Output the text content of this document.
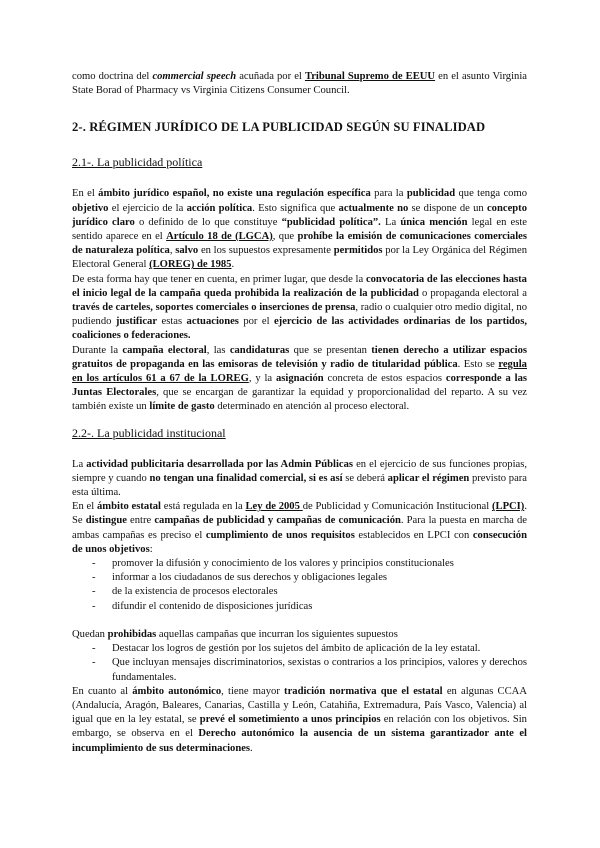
como doctrina del commercial speech acuñada por el Tribunal Supremo de EEUU en el asunto Virginia State Borad of Pharmacy vs Virginia Citizens Consumer Council.

2-. RÉGIMEN JURÍDICO DE LA PUBLICIDAD SEGÚN SU FINALIDAD
2.1-. La publicidad política

En el ámbito jurídico español, no existe una regulación específica para la publicidad que tenga como objetivo el ejercicio de la acción política. Esto significa que actualmente no se dispone de un concepto jurídico claro o definido de lo que constituye “publicidad política”. La única mención legal en este sentido aparece en el Artículo 18 de (LGCA), que prohíbe la emisión de comunicaciones comerciales de naturaleza política, salvo en los supuestos expresamente permitidos por la Ley Orgánica del Régimen Electoral General (LOREG) de 1985.

De esta forma hay que tener en cuenta, en primer lugar, que desde la convocatoria de las elecciones hasta el inicio legal de la campaña queda prohibida la realización de la publicidad o propaganda electoral a través de carteles, soportes comerciales o inserciones de prensa, radio o cualquier otro medio digital, no pudiendo justificar estas actuaciones por el ejercicio de las actividades ordinarias de los partidos, coaliciones o federaciones.

Durante la campaña electoral, las candidaturas que se presentan tienen derecho a utilizar espacios gratuitos de propaganda en las emisoras de televisión y radio de titularidad pública. Esto se regula en los artículos 61 a 67 de la LOREG, y la asignación concreta de estos espacios corresponde a las Juntas Electorales, que se encargan de garantizar la equidad y proporcionalidad del reparto. A su vez también existe un límite de gasto determinado en atención al proceso electoral.

2.2-. La publicidad institucional

La actividad publicitaria desarrollada por las Admin Públicas en el ejercicio de sus funciones propias, siempre y cuando no tengan una finalidad comercial, si es así se deberá aplicar el régimen previsto para esta última.

En el ámbito estatal está regulada en la Ley de 2005 de Publicidad y Comunicación Institucional (LPCI). Se distingue entre campañas de publicidad y campañas de comunicación. Para la puesta en marcha de ambas campañas es preciso el cumplimiento de unos requisitos establecidos en LPCI con consecución de unos objetivos:

- promover la difusión y conocimiento de los valores y principios constitucionales
- informar a los ciudadanos de sus derechos y obligaciones legales
- de la existencia de procesos electorales
- difundir el contenido de disposiciones jurídicas

Quedan prohibidas aquellas campañas que incurran los siguientes supuestos

- Destacar los logros de gestión por los sujetos del ámbito de aplicación de la ley estatal.
- Que incluyan mensajes discriminatorios, sexistas o contrarios a los principios, valores y derechos fundamentales.

En cuanto al ámbito autonómico, tiene mayor tradición normativa que el estatal en algunas CCAA (Andalucía, Aragón, Baleares, Canarias, Castilla y León, Catahiña, Extremadura, País Vasco, Valencia) al igual que en la ley estatal, se prevé el sometimiento a unos principios en relación con los objetivos. Sin embargo, se observa en el Derecho autonómico la ausencia de un sistema garantizador ante el incumplimiento de sus determinaciones.
